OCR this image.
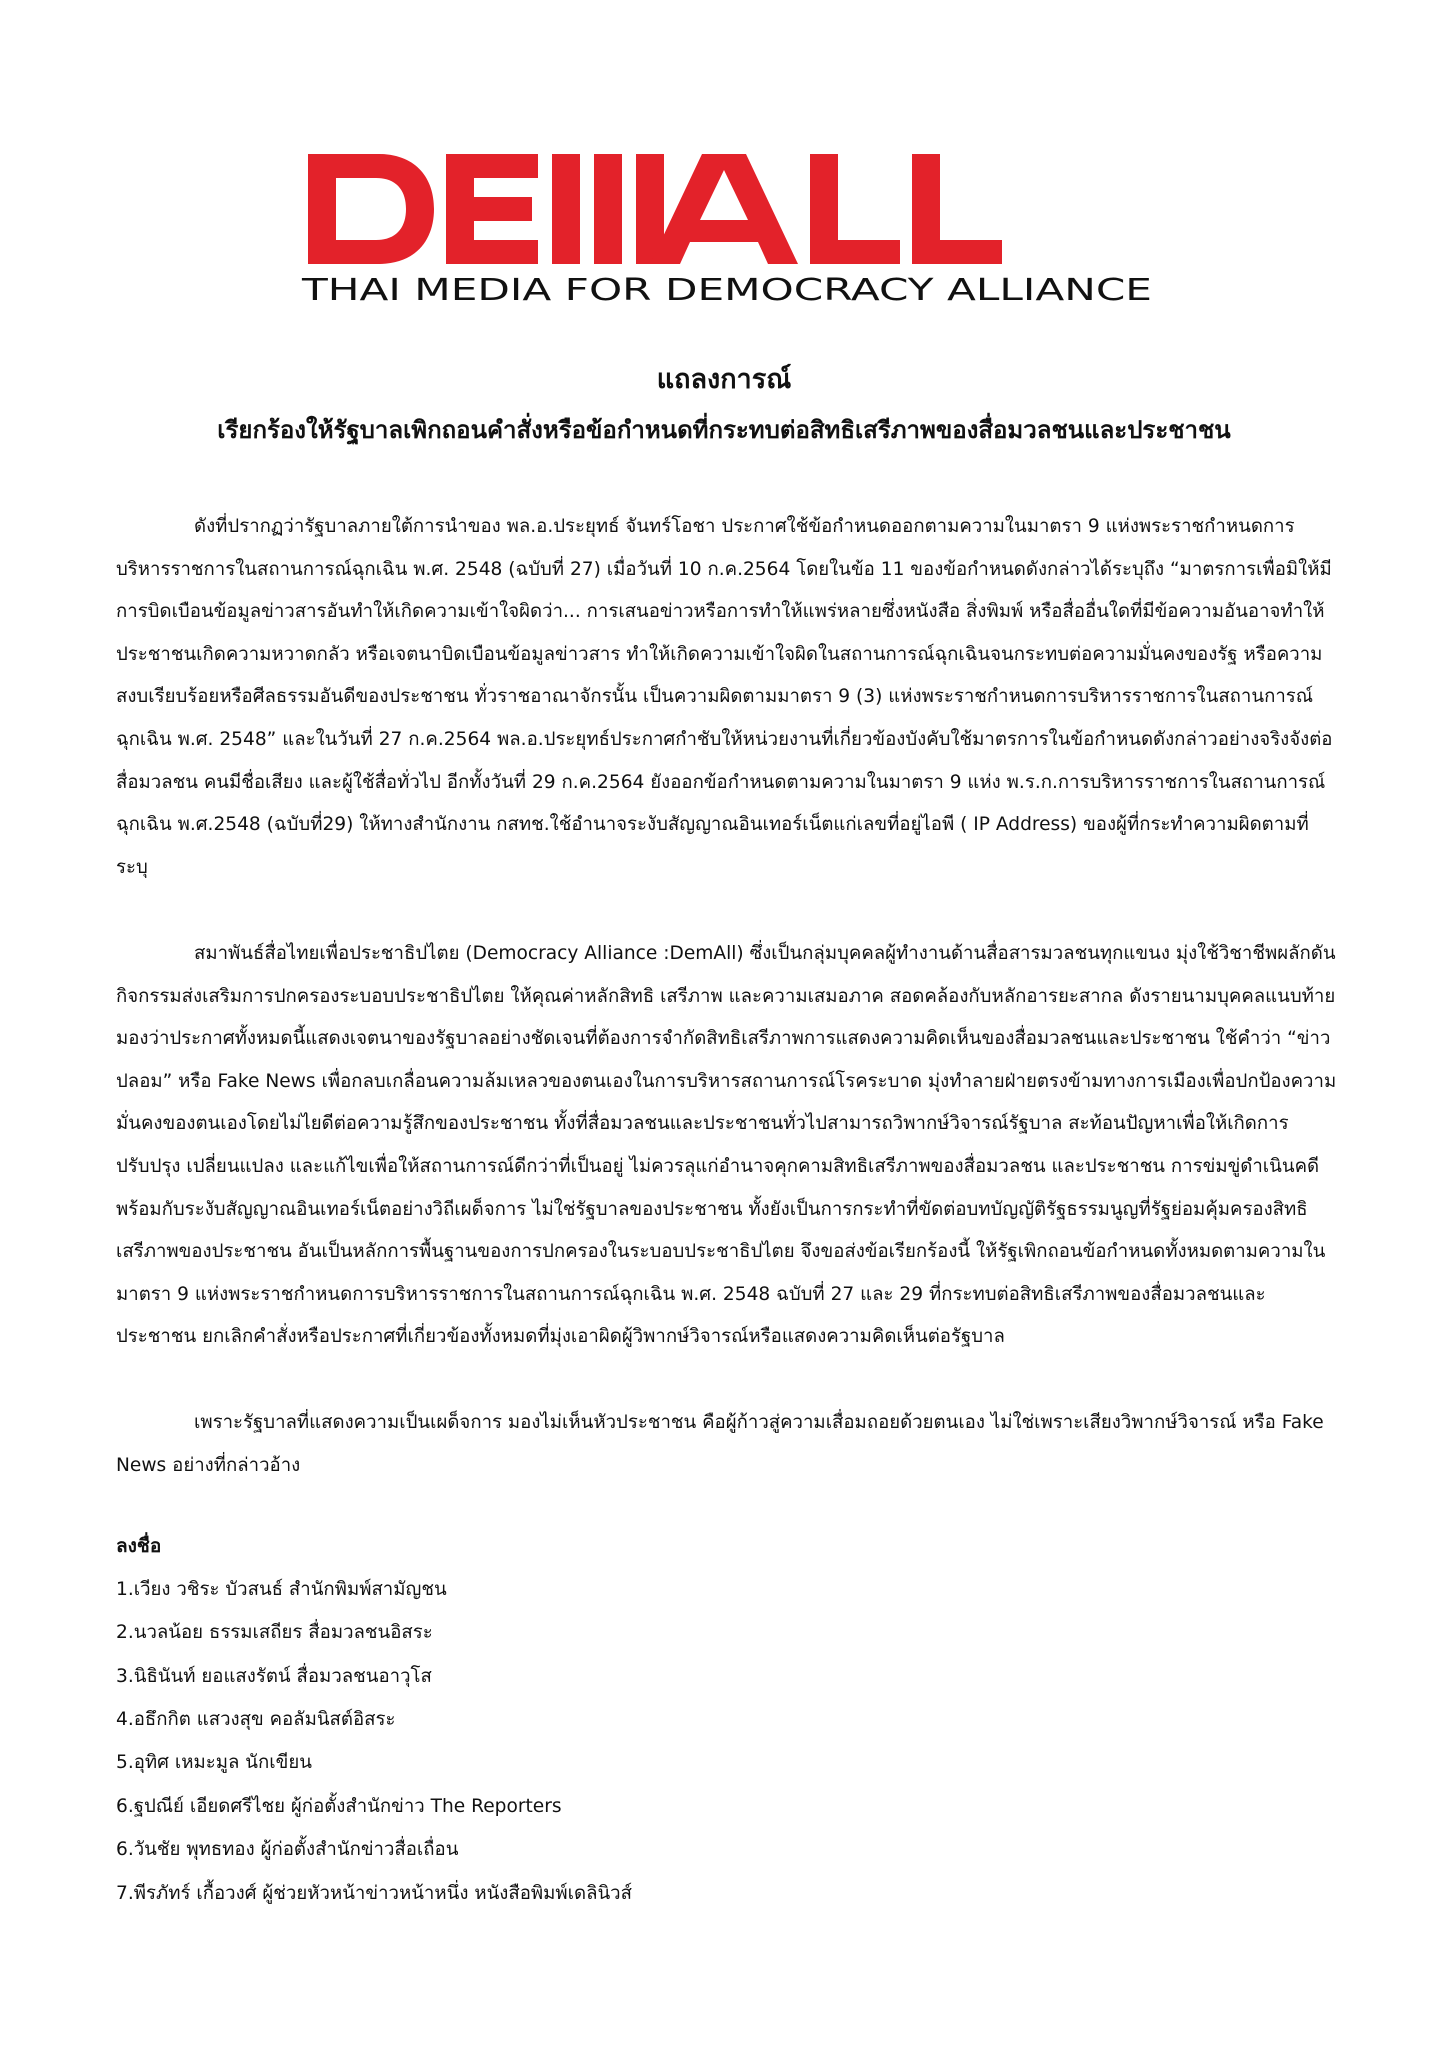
THAI MEDIA FOR DEMOCRACY ALLIANCE
แถลงการณ์
เรียกร้องให้รัฐบาลเพิกถอนคำสั่งหรือข้อกำหนดที่กระทบต่อสิทธิเสรีภาพของสื่อมวลชนและประชาชน

ดังที่ปรากฏว่ารัฐบาลภายใต้การนำของ พล.อ.ประยุทธ์ จันทร์โอชา ประกาศใช้ข้อกำหนดออกตามความในมาตรา 9 แห่งพระราชกำหนดการบริหารราชการในสถานการณ์ฉุกเฉิน พ.ศ. 2548 (ฉบับที่ 27) เมื่อวันที่ 10 ก.ค.2564 โดยในข้อ 11 ของข้อกำหนดดังกล่าวได้ระบุถึง “มาตรการเพื่อมิให้มีการบิดเบือนข้อมูลข่าวสารอันทำให้เกิดความเข้าใจผิดว่า... การเสนอข่าวหรือการทำให้แพร่หลายซึ่งหนังสือ สิ่งพิมพ์ หรือสื่ออื่นใดที่มีข้อความอันอาจทำให้ประชาชนเกิดความหวาดกลัว หรือเจตนาบิดเบือนข้อมูลข่าวสาร ทำให้เกิดความเข้าใจผิดในสถานการณ์ฉุกเฉินจนกระทบต่อความมั่นคงของรัฐ หรือความสงบเรียบร้อยหรือศีลธรรมอันดีของประชาชน ทั่วราชอาณาจักรนั้น เป็นความผิดตามมาตรา 9 (3) แห่งพระราชกำหนดการบริหารราชการในสถานการณ์ฉุกเฉิน พ.ศ. 2548” และในวันที่ 27 ก.ค.2564 พล.อ.ประยุทธ์ประกาศกำชับให้หน่วยงานที่เกี่ยวข้องบังคับใช้มาตรการในข้อกำหนดดังกล่าวอย่างจริงจังต่อสื่อมวลชน คนมีชื่อเสียง และผู้ใช้สื่อทั่วไป อีกทั้งวันที่ 29 ก.ค.2564 ยังออกข้อกำหนดตามความในมาตรา 9 แห่ง พ.ร.ก.การบริหารราชการในสถานการณ์ฉุกเฉิน พ.ศ.2548 (ฉบับที่29) ให้ทางสำนักงาน กสทช.ใช้อำนาจระงับสัญญาณอินเทอร์เน็ตแก่เลขที่อยู่ไอพี ( IP Address) ของผู้ที่กระทำความผิดตามที่ระบุ

สมาพันธ์สื่อไทยเพื่อประชาธิปไตย (Democracy Alliance :DemAll) ซึ่งเป็นกลุ่มบุคคลผู้ทำงานด้านสื่อสารมวลชนทุกแขนง มุ่งใช้วิชาชีพผลักดันกิจกรรมส่งเสริมการปกครองระบอบประชาธิปไตย ให้คุณค่าหลักสิทธิ เสรีภาพ และความเสมอภาค สอดคล้องกับหลักอารยะสากล ดังรายนามบุคคลแนบท้าย มองว่าประกาศทั้งหมดนี้แสดงเจตนาของรัฐบาลอย่างชัดเจนที่ต้องการจำกัดสิทธิเสรีภาพการแสดงความคิดเห็นของสื่อมวลชนและประชาชน ใช้คำว่า “ข่าวปลอม” หรือ Fake News เพื่อกลบเกลื่อนความล้มเหลวของตนเองในการบริหารสถานการณ์โรคระบาด มุ่งทำลายฝ่ายตรงข้ามทางการเมืองเพื่อปกป้องความมั่นคงของตนเองโดยไม่ไยดีต่อความรู้สึกของประชาชน ทั้งที่สื่อมวลชนและประชาชนทั่วไปสามารถวิพากษ์วิจารณ์รัฐบาล สะท้อนปัญหาเพื่อให้เกิดการปรับปรุง เปลี่ยนแปลง และแก้ไขเพื่อให้สถานการณ์ดีกว่าที่เป็นอยู่ ไม่ควรลุแก่อำนาจคุกคามสิทธิเสรีภาพของสื่อมวลชน และประชาชน การข่มขู่ดำเนินคดีพร้อมกับระงับสัญญาณอินเทอร์เน็ตอย่างวิถีเผด็จการ ไม่ใช่รัฐบาลของประชาชน ทั้งยังเป็นการกระทำที่ขัดต่อบทบัญญัติรัฐธรรมนูญที่รัฐย่อมคุ้มครองสิทธิเสรีภาพของประชาชน อันเป็นหลักการพื้นฐานของการปกครองในระบอบประชาธิปไตย จึงขอส่งข้อเรียกร้องนี้ ให้รัฐเพิกถอนข้อกำหนดทั้งหมดตามความในมาตรา 9 แห่งพระราชกำหนดการบริหารราชการในสถานการณ์ฉุกเฉิน พ.ศ. 2548 ฉบับที่ 27 และ 29 ที่กระทบต่อสิทธิเสรีภาพของสื่อมวลชนและประชาชน ยกเลิกคำสั่งหรือประกาศที่เกี่ยวข้องทั้งหมดที่มุ่งเอาผิดผู้วิพากษ์วิจารณ์หรือแสดงความคิดเห็นต่อรัฐบาล

เพราะรัฐบาลที่แสดงความเป็นเผด็จการ มองไม่เห็นหัวประชาชน คือผู้ก้าวสู่ความเสื่อมถอยด้วยตนเอง ไม่ใช่เพราะเสียงวิพากษ์วิจารณ์ หรือ Fake News อย่างที่กล่าวอ้าง

ลงชื่อ
1.เวียง วชิระ บัวสนธ์ สำนักพิมพ์สามัญชน
2.นวลน้อย ธรรมเสถียร สื่อมวลชนอิสระ
3.นิธินันท์ ยอแสงรัตน์ สื่อมวลชนอาวุโส
4.อธึกกิต แสวงสุข คอลัมนิสต์อิสระ
5.อุทิศ เหมะมูล นักเขียน
6.ฐปณีย์ เอียดศรีไชย ผู้ก่อตั้งสำนักข่าว The Reporters
6.วันชัย พุทธทอง ผู้ก่อตั้งสำนักข่าวสื่อเถื่อน
7.พีรภัทร์ เกื้อวงศ์ ผู้ช่วยหัวหน้าข่าวหน้าหนึ่ง หนังสือพิมพ์เดลินิวส์
